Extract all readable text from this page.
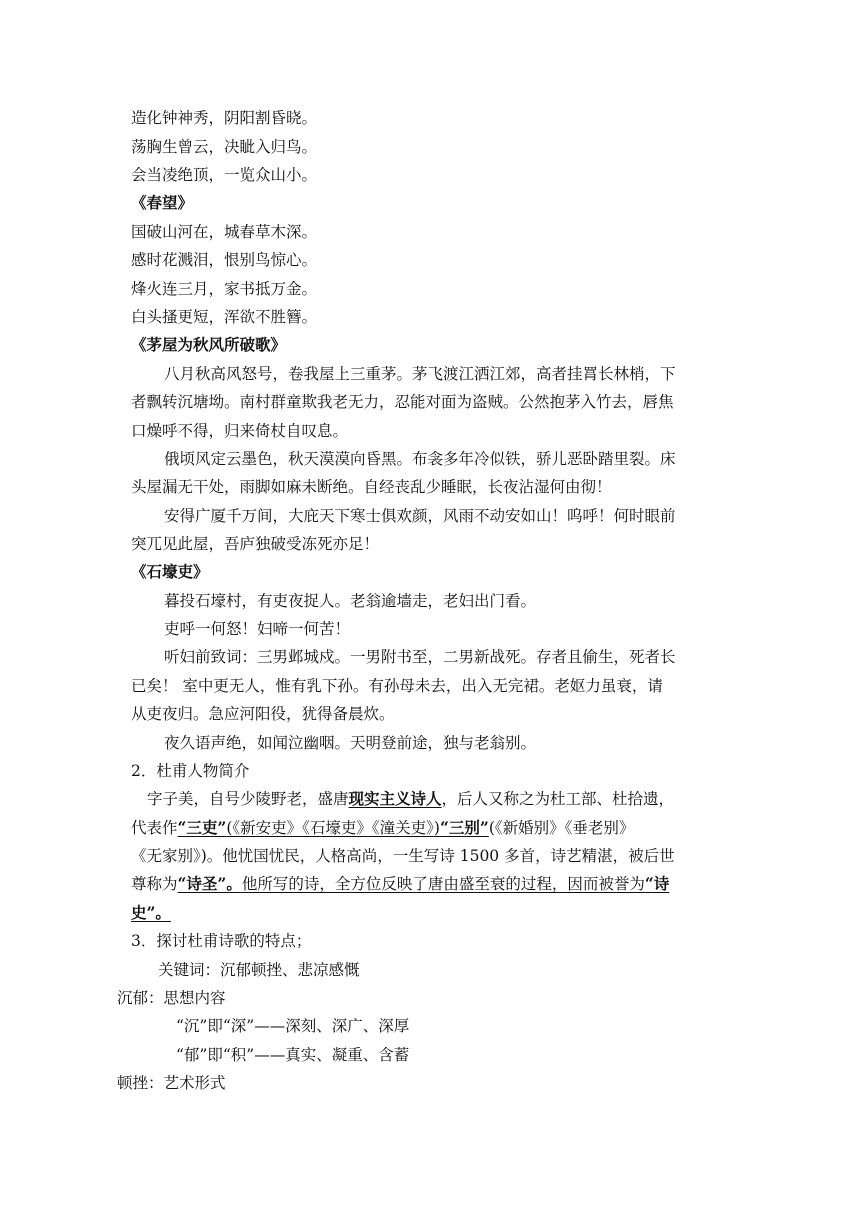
造化钟神秀，阴阳割昏晓。
荡胸生曾云，决眦入归鸟。
会当凌绝顶，一览众山小。
《春望》
国破山河在，城春草木深。
感时花溅泪，恨别鸟惊心。
烽火连三月，家书抵万金。
白头搔更短，浑欲不胜簪。
《茅屋为秋风所破歌》
八月秋高风怒号，卷我屋上三重茅。茅飞渡江洒江郊，高者挂罥长林梢，下
者飘转沉塘坳。南村群童欺我老无力，忍能对面为盗贼。公然抱茅入竹去，唇焦
口燥呼不得，归来倚杖自叹息。
俄顷风定云墨色，秋天漠漠向昏黑。布衾多年冷似铁，骄儿恶卧踏里裂。床
头屋漏无干处，雨脚如麻未断绝。自经丧乱少睡眠，长夜沾湿何由彻！
安得广厦千万间，大庇天下寒士俱欢颜，风雨不动安如山！呜呼！何时眼前
突兀见此屋，吾庐独破受冻死亦足！
《石壕吏》
暮投石壕村，有吏夜捉人。老翁逾墙走，老妇出门看。
吏呼一何怒！妇啼一何苦！
听妇前致词：三男邺城戍。一男附书至，二男新战死。存者且偷生，死者长
已矣！ 室中更无人，惟有乳下孙。有孙母未去，出入无完裙。老妪力虽衰，请
从吏夜归。急应河阳役，犹得备晨炊。
夜久语声绝，如闻泣幽咽。天明登前途，独与老翁别。
2．杜甫人物简介
字子美，自号少陵野老，盛唐现实主义诗人，后人又称之为杜工部、杜拾遗，
代表作“三吏”(《新安吏》《石壕吏》《潼关吏》)“三别”(《新婚别》《垂老别》
《无家别》)。他忧国忧民，人格高尚，一生写诗 1500 多首，诗艺精湛，被后世
尊称为“诗圣”。他所写的诗，全方位反映了唐由盛至衰的过程，因而被誉为“诗
史”。
3．探讨杜甫诗歌的特点；
关键词：沉郁顿挫、悲凉感慨
沉郁：思想内容
“沉”即“深”——深刻、深广、深厚
“郁”即“积”——真实、凝重、含蓄
顿挫：艺术形式
